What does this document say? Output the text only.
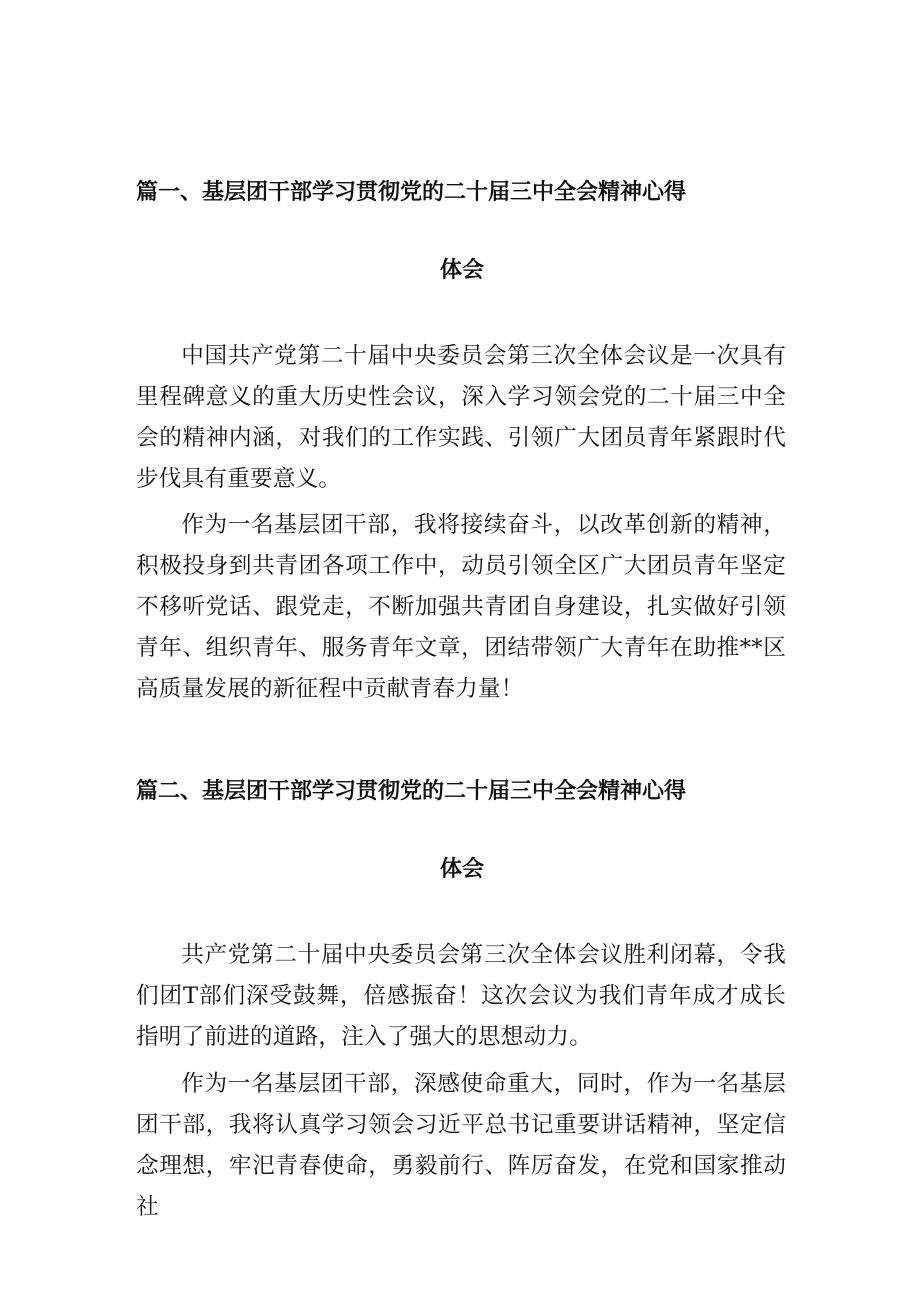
篇一、基层团干部学习贯彻党的二十届三中全会精神心得
体会

中国共产党第二十届中央委员会第三次全体会议是一次具有里程碑意义的重大历史性会议，深入学习领会党的二十届三中全会的精神内涵，对我们的工作实践、引领广大团员青年紧跟时代步伐具有重要意义。

作为一名基层团干部，我将接续奋斗，以改革创新的精神，积极投身到共青团各项工作中，动员引领全区广大团员青年坚定不移听党话、跟党走，不断加强共青团自身建设，扎实做好引领青年、组织青年、服务青年文章，团结带领广大青年在助推**区高质量发展的新征程中贡献青春力量！

篇二、基层团干部学习贯彻党的二十届三中全会精神心得
体会

共产党第二十届中央委员会第三次全体会议胜利闭幕，令我们团T部们深受鼓舞，倍感振奋！这次会议为我们青年成才成长指明了前进的道路，注入了强大的思想动力。

作为一名基层团干部，深感使命重大，同时，作为一名基层团干部，我将认真学习领会习近平总书记重要讲话精神，坚定信念理想，牢汜青春使命，勇毅前行、阵厉奋发，在党和国家推动社
